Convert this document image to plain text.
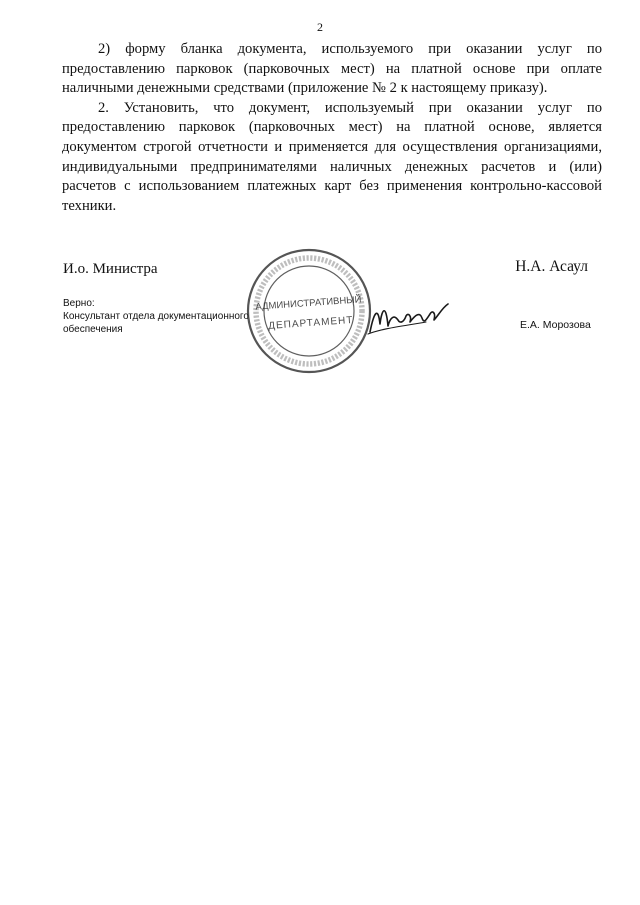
2

2) форму бланка документа, используемого при оказании услуг по предоставлению парковок (парковочных мест) на платной основе при оплате наличными денежными средствами (приложение № 2 к настоящему приказу).

2. Установить, что документ, используемый при оказании услуг по предоставлению парковок (парковочных мест) на платной основе, является документом строгой отчетности и применяется для осуществления организациями, индивидуальными предпринимателями наличных денежных расчетов и (или) расчетов с использованием платежных карт без применения контрольно-кассовой техники.

И.о. Министра	Н.А. Асаул
Верно:
Консультант отдела документационного
обеспечения	Е.А. Морозова
АДМИНИСТРАТИВНЫЙ
ДЕПАРТАМЕНТ
